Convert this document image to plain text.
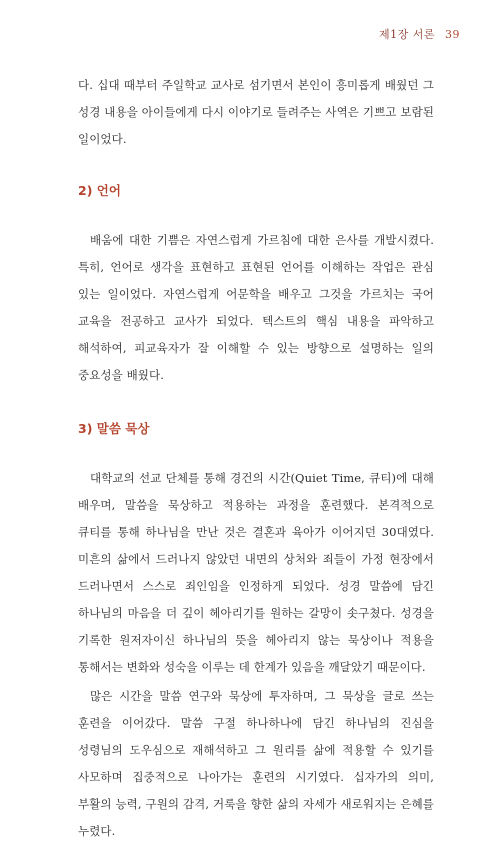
제1장 서론 39

다. 십대 때부터 주일학교 교사로 섬기면서 본인이 흥미롭게 배웠던 그 성경 내용을 아이들에게 다시 이야기로 들려주는 사역은 기쁘고 보람된 일이었다.

2) 언어

배움에 대한 기쁨은 자연스럽게 가르침에 대한 은사를 개발시켰다. 특히, 언어로 생각을 표현하고 표현된 언어를 이해하는 작업은 관심 있는 일이었다. 자연스럽게 어문학을 배우고 그것을 가르치는 국어 교육을 전공하고 교사가 되었다. 텍스트의 핵심 내용을 파악하고 해석하여, 피교육자가 잘 이해할 수 있는 방향으로 설명하는 일의 중요성을 배웠다.

3) 말씀 묵상

대학교의 선교 단체를 통해 경건의 시간(Quiet Time, 큐티)에 대해 배우며, 말씀을 묵상하고 적용하는 과정을 훈련했다. 본격적으로 큐티를 통해 하나님을 만난 것은 결혼과 육아가 이어지던 30대였다. 미흔의 삶에서 드러나지 않았던 내면의 상처와 죄들이 가정 현장에서 드러나면서 스스로 죄인임을 인정하게 되었다. 성경 말씀에 담긴 하나님의 마음을 더 깊이 헤아리기를 원하는 갈망이 솟구쳤다. 성경을 기록한 원저자이신 하나님의 뜻을 헤아리지 않는 묵상이나 적용을 통해서는 변화와 성숙을 이루는 데 한계가 있음을 깨달았기 때문이다.

많은 시간을 말씀 연구와 묵상에 투자하며, 그 묵상을 글로 쓰는 훈련을 이어갔다. 말씀 구절 하나하나에 담긴 하나님의 진심을 성령님의 도우심으로 재해석하고 그 원리를 삶에 적용할 수 있기를 사모하며 집중적으로 나아가는 훈련의 시기였다. 십자가의 의미, 부활의 능력, 구원의 감격, 거룩을 향한 삶의 자세가 새로워지는 은혜를 누렸다.
